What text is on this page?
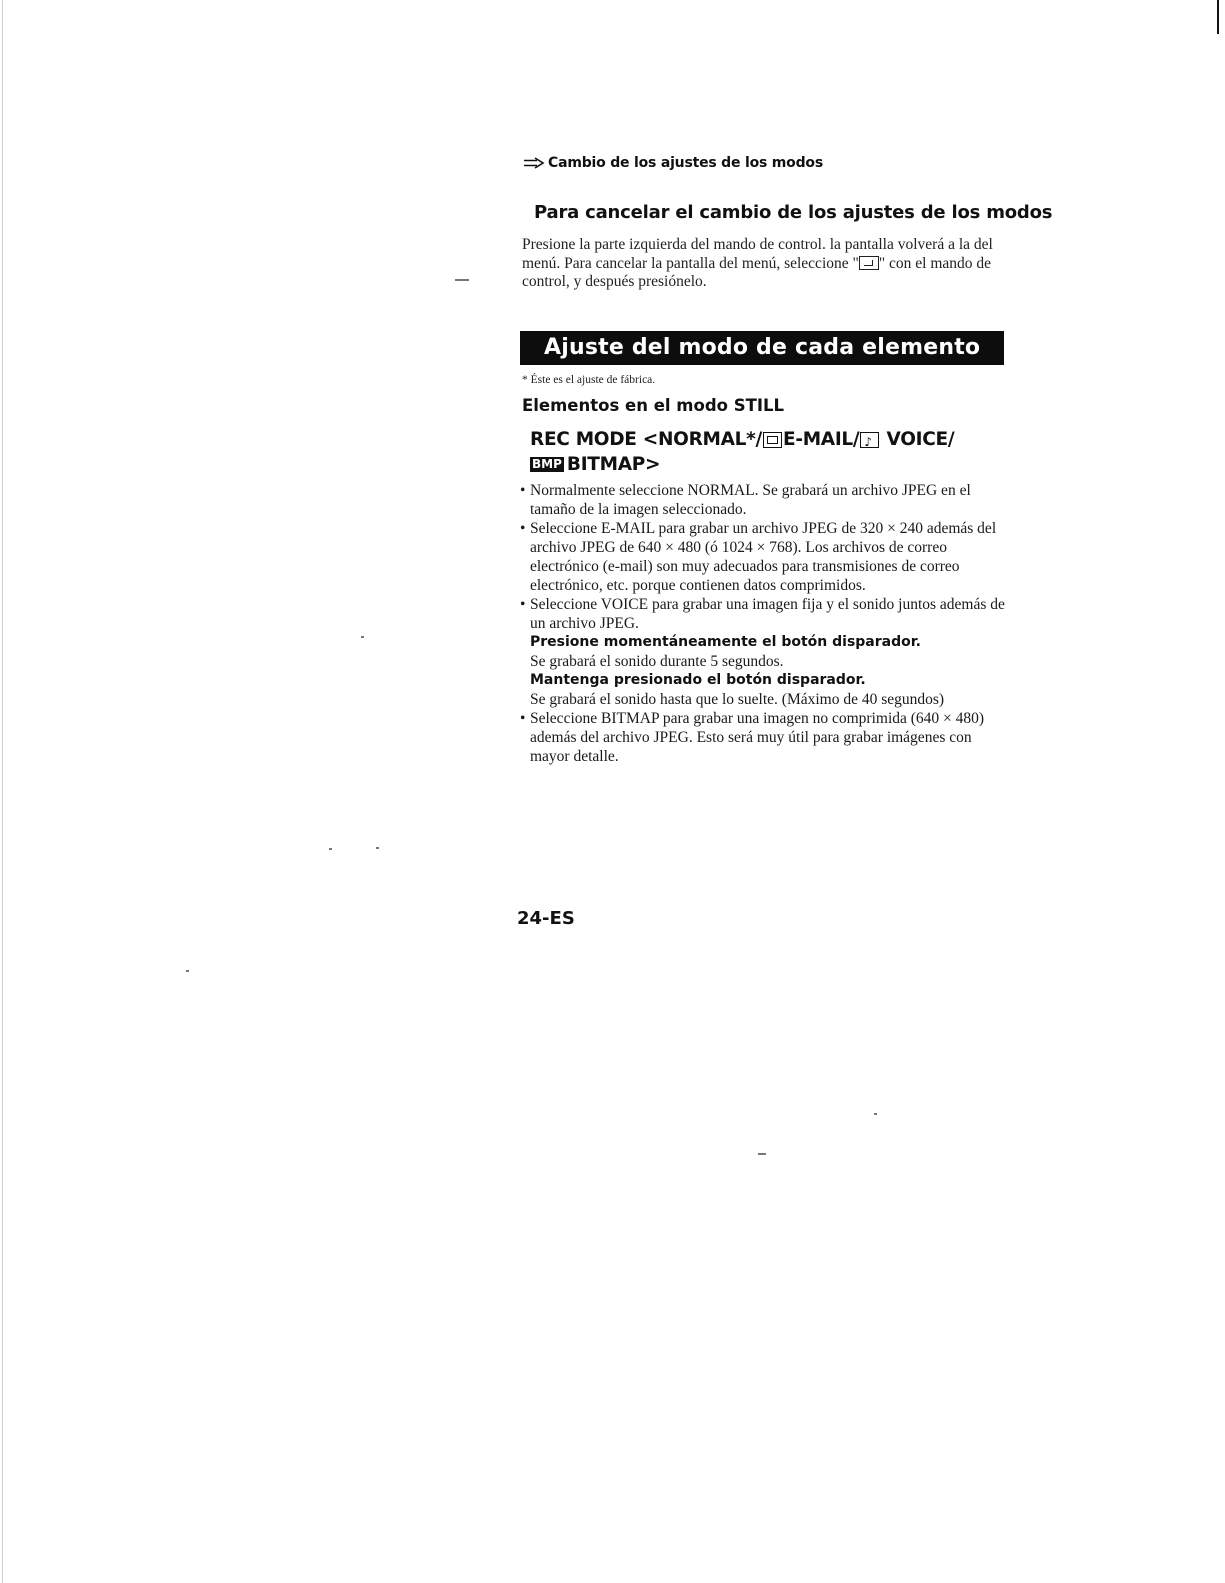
Cambio de los ajustes de los modos
Para cancelar el cambio de los ajustes de los modos

Presione la parte izquierda del mando de control. la pantalla volverá a la del menú. Para cancelar la pantalla del menú, seleccione " " con el mando de control, y después presiónelo.

Ajuste del modo de cada elemento
* Éste es el ajuste de fábrica.
Elementos en el modo STILL
REC MODE <NORMAL*/ E-MAIL/
♪ VOICE/
BMP BITMAP>

• Normalmente seleccione NORMAL. Se grabará un archivo JPEG en el tamaño de la imagen seleccionado.

• Seleccione E-MAIL para grabar un archivo JPEG de 320 × 240 además del archivo JPEG de 640 × 480 (ó 1024 × 768). Los archivos de correo electrónico (e-mail) son muy adecuados para transmisiones de correo electrónico, etc. porque contienen datos comprimidos.

• Seleccione VOICE para grabar una imagen fija y el sonido juntos además de un archivo JPEG.

Presione momentáneamente el botón disparador.
Se grabará el sonido durante 5 segundos.
Mantenga presionado el botón disparador.
Se grabará el sonido hasta que lo suelte. (Máximo de 40 segundos)

• Seleccione BITMAP para grabar una imagen no comprimida (640 × 480) además del archivo JPEG. Esto será muy útil para grabar imágenes con mayor detalle.

24-ES
